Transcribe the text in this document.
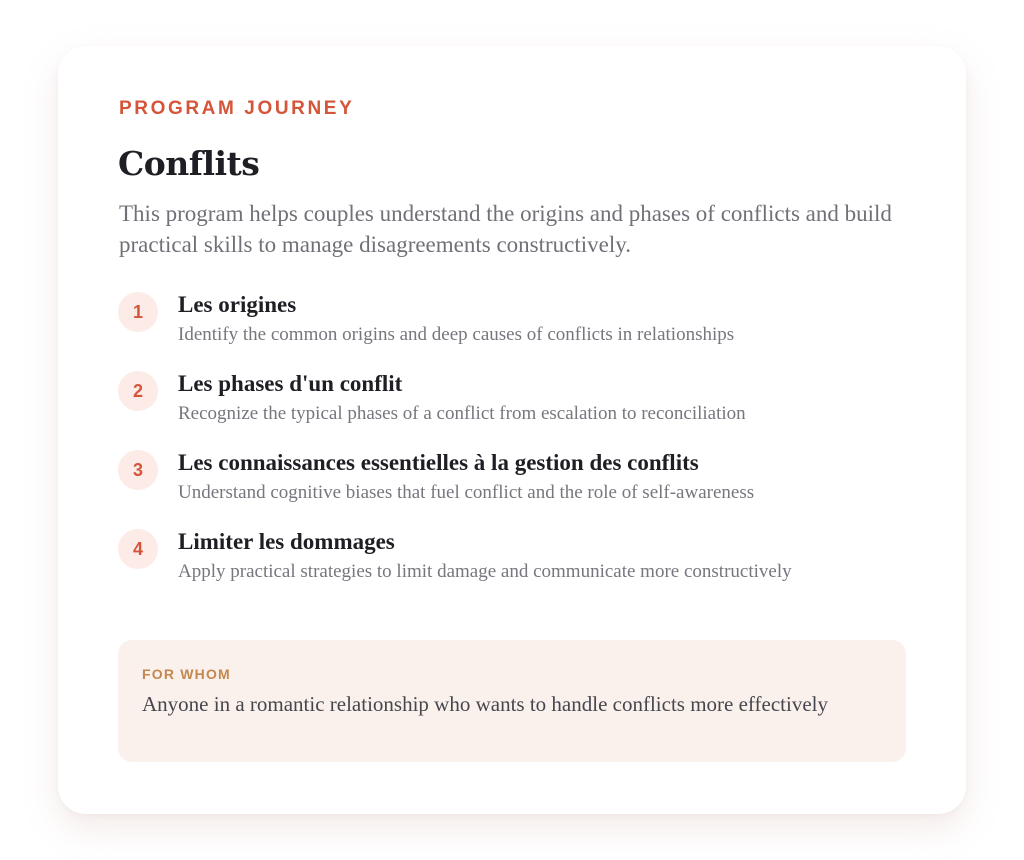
PROGRAM JOURNEY

Conflits

This program helps couples understand the origins and phases of conflicts and build practical skills to manage disagreements constructively.

1	Les origines
Identify the common origins and deep causes of conflicts in relationships
2	Les phases d'un conflit
Recognize the typical phases of a conflict from escalation to reconciliation
3	Les connaissances essentielles à la gestion des conflits
Understand cognitive biases that fuel conflict and the role of self-awareness
4	Limiter les dommages
Apply practical strategies to limit damage and communicate more constructively
FOR WHOM
Anyone in a romantic relationship who wants to handle conflicts more effectively
